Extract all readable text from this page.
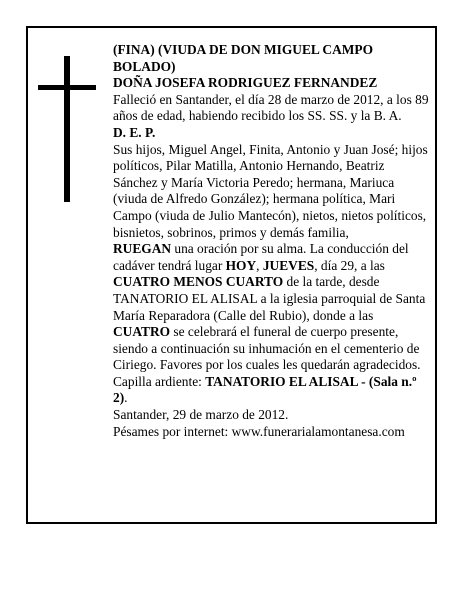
(FINA) (VIUDA DE DON MIGUEL CAMPO BOLADO)

DOÑA JOSEFA RODRIGUEZ FERNANDEZ

Falleció en Santander, el día 28 de marzo de 2012, a los 89 años de edad, habiendo recibido los SS. SS. y la B. A.

D. E. P.

Sus hijos, Miguel Angel, Finita, Antonio y Juan José; hijos políticos, Pilar Matilla, Antonio Hernando, Beatriz Sánchez y María Victoria Peredo; hermana, Mariuca (viuda de Alfredo González); hermana política, Mari Campo (viuda de Julio Mantecón), nietos, nietos políticos, bisnietos, sobrinos, primos y demás familia,

RUEGAN una oración por su alma. La conducción del cadáver tendrá lugar HOY, JUEVES, día 29, a las CUATRO MENOS CUARTO de la tarde, desde TANATORIO EL ALISAL a la iglesia parroquial de Santa María Reparadora (Calle del Rubio), donde a las CUATRO se celebrará el funeral de cuerpo presente, siendo a continuación su inhumación en el cementerio de Ciriego. Favores por los cuales les quedarán agradecidos. Capilla ardiente: TANATORIO EL ALISAL - (Sala n.º 2).

Santander, 29 de marzo de 2012.

Pésames por internet: www.funerarialamontanesa.com
